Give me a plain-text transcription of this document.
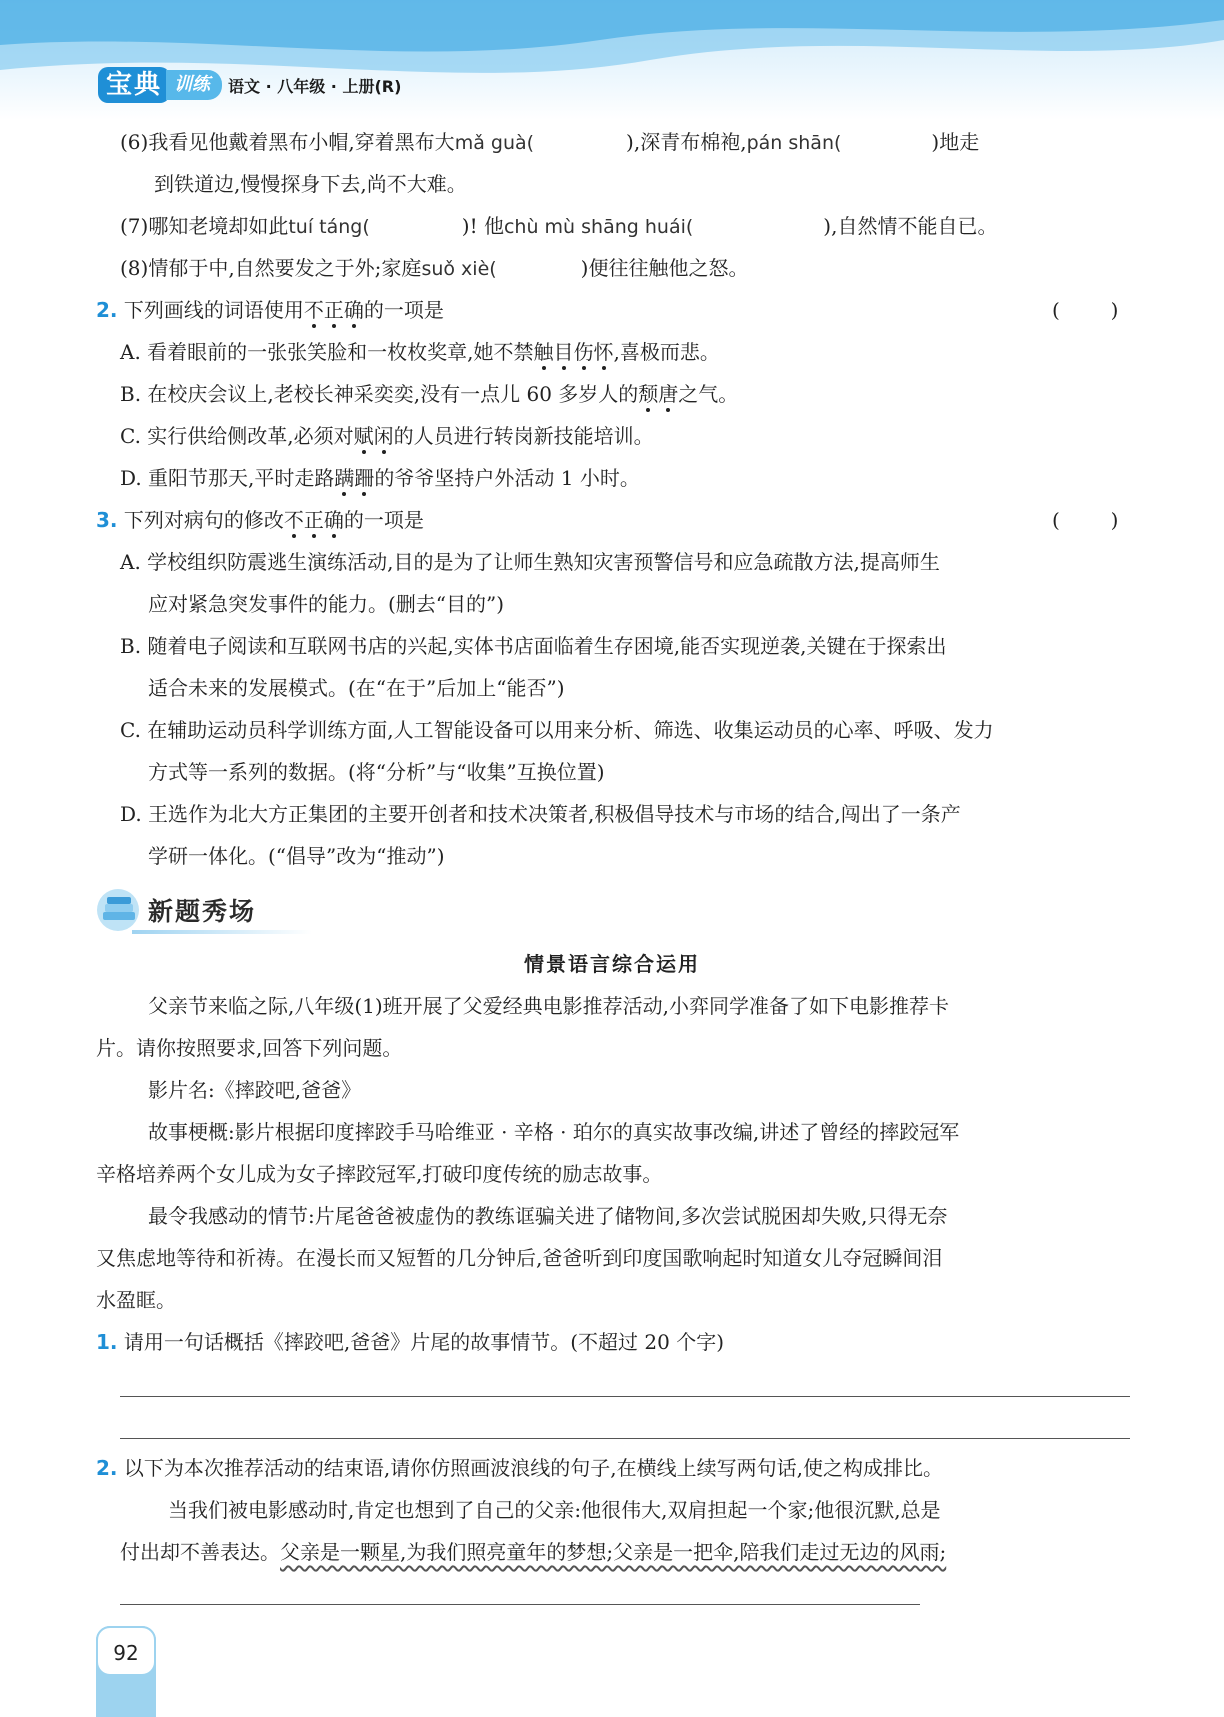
宝典 训练	语文 · 八年级 · 上册(R)
(6)我看见他戴着黑布小帽,穿着黑布大mǎ guà(	),深青布棉袍,pán shān(	)地走
到铁道边,慢慢探身下去,尚不大难。
(7)哪知老境却如此tuí táng(	)! 他chù mù shāng huái(	),自然情不能自已。
(8)情郁于中,自然要发之于外;家庭suǒ xiè(	)便往往触他之怒。
2. 下列画线的词语使用不正确的一项是	(        )
A. 看着眼前的一张张笑脸和一枚枚奖章,她不禁触目伤怀,喜极而悲。
B. 在校庆会议上,老校长神采奕奕,没有一点儿 60 多岁人的颓唐之气。
C. 实行供给侧改革,必须对赋闲的人员进行转岗新技能培训。
D. 重阳节那天,平时走路蹒跚的爷爷坚持户外活动 1 小时。
3. 下列对病句的修改不正确的一项是	(        )
A. 学校组织防震逃生演练活动,目的是为了让师生熟知灾害预警信号和应急疏散方法,提高师生
应对紧急突发事件的能力。(删去“目的”)
B. 随着电子阅读和互联网书店的兴起,实体书店面临着生存困境,能否实现逆袭,关键在于探索出
适合未来的发展模式。(在“在于”后加上“能否”)
C. 在辅助运动员科学训练方面,人工智能设备可以用来分析、筛选、收集运动员的心率、呼吸、发力
方式等一系列的数据。(将“分析”与“收集”互换位置)
D. 王选作为北大方正集团的主要开创者和技术决策者,积极倡导技术与市场的结合,闯出了一条产
学研一体化。(“倡导”改为“推动”)
新题秀场
情景语言综合运用
父亲节来临之际,八年级(1)班开展了父爱经典电影推荐活动,小弈同学准备了如下电影推荐卡
片。请你按照要求,回答下列问题。
影片名:《摔跤吧,爸爸》
故事梗概:影片根据印度摔跤手马哈维亚 · 辛格 · 珀尔的真实故事改编,讲述了曾经的摔跤冠军
辛格培养两个女儿成为女子摔跤冠军,打破印度传统的励志故事。
最令我感动的情节:片尾爸爸被虚伪的教练诓骗关进了储物间,多次尝试脱困却失败,只得无奈
又焦虑地等待和祈祷。在漫长而又短暂的几分钟后,爸爸听到印度国歌响起时知道女儿夺冠瞬间泪
水盈眶。
1. 请用一句话概括《摔跤吧,爸爸》片尾的故事情节。(不超过 20 个字)
2. 以下为本次推荐活动的结束语,请你仿照画波浪线的句子,在横线上续写两句话,使之构成排比。
当我们被电影感动时,肯定也想到了自己的父亲:他很伟大,双肩担起一个家;他很沉默,总是
付出却不善表达。父亲是一颗星,为我们照亮童年的梦想;父亲是一把伞,陪我们走过无边的风雨;
92
